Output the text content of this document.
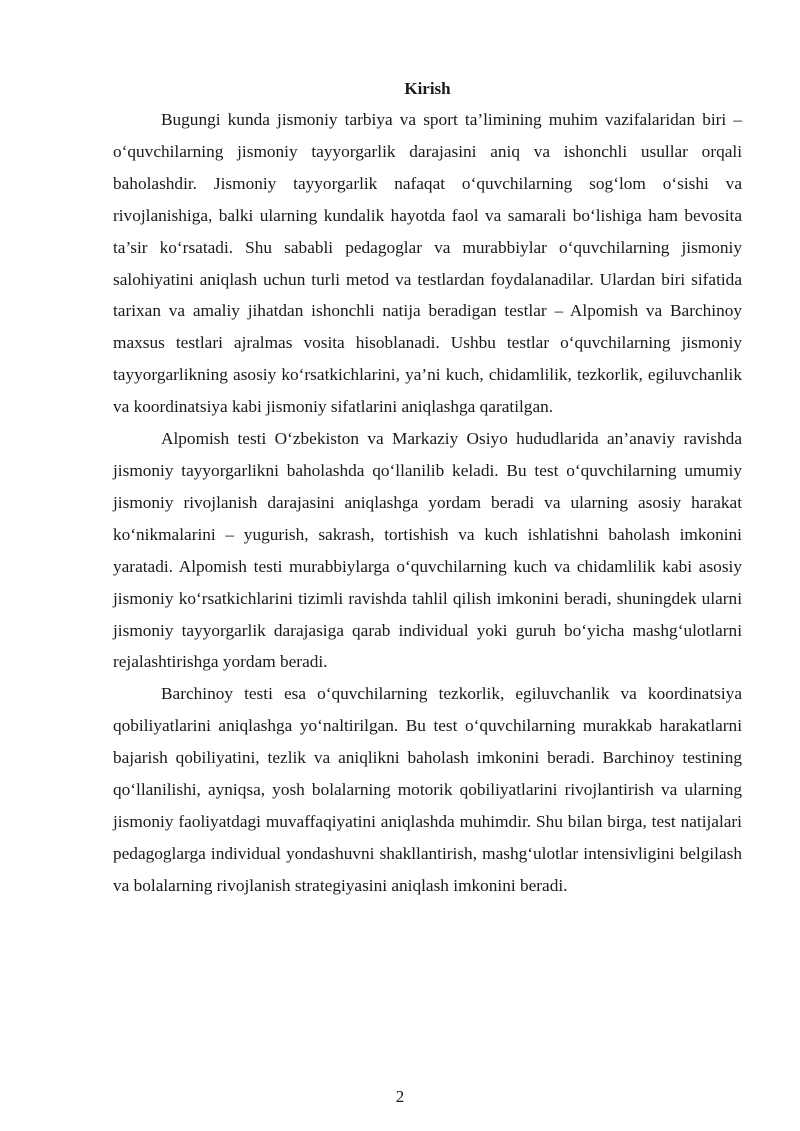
Kirish

Bugungi kunda jismoniy tarbiya va sport ta’limining muhim vazifalaridan biri – o‘quvchilarning jismoniy tayyorgarlik darajasini aniq va ishonchli usullar orqali baholashdir. Jismoniy tayyorgarlik nafaqat o‘quvchilarning sog‘lom o‘sishi va rivojlanishiga, balki ularning kundalik hayotda faol va samarali bo‘lishiga ham bevosita ta’sir ko‘rsatadi. Shu sababli pedagoglar va murabbiylar o‘quvchilarning jismoniy salohiyatini aniqlash uchun turli metod va testlardan foydalanadilar. Ulardan biri sifatida tarixan va amaliy jihatdan ishonchli natija beradigan testlar – Alpomish va Barchinoy maxsus testlari ajralmas vosita hisoblanadi. Ushbu testlar o‘quvchilarning jismoniy tayyorgarlikning asosiy ko‘rsatkichlarini, ya’ni kuch, chidamlilik, tezkorlik, egiluvchanlik va koordinatsiya kabi jismoniy sifatlarini aniqlashga qaratilgan.

Alpomish testi O‘zbekiston va Markaziy Osiyo hududlarida an’anaviy ravishda jismoniy tayyorgarlikni baholashda qo‘llanilib keladi. Bu test o‘quvchilarning umumiy jismoniy rivojlanish darajasini aniqlashga yordam beradi va ularning asosiy harakat ko‘nikmalarini – yugurish, sakrash, tortishish va kuch ishlatishni baholash imkonini yaratadi. Alpomish testi murabbiylarga o‘quvchilarning kuch va chidamlilik kabi asosiy jismoniy ko‘rsatkichlarini tizimli ravishda tahlil qilish imkonini beradi, shuningdek ularni jismoniy tayyorgarlik darajasiga qarab individual yoki guruh bo‘yicha mashg‘ulotlarni rejalashtirishga yordam beradi.

Barchinoy testi esa o‘quvchilarning tezkorlik, egiluvchanlik va koordinatsiya qobiliyatlarini aniqlashga yo‘naltirilgan. Bu test o‘quvchilarning murakkab harakatlarni bajarish qobiliyatini, tezlik va aniqlikni baholash imkonini beradi. Barchinoy testining qo‘llanilishi, ayniqsa, yosh bolalarning motorik qobiliyatlarini rivojlantirish va ularning jismoniy faoliyatdagi muvaffaqiyatini aniqlashda muhimdir. Shu bilan birga, test natijalari pedagoglarga individual yondashuvni shakllantirish, mashg‘ulotlar intensivligini belgilash va bolalarning rivojlanish strategiyasini aniqlash imkonini beradi.

2
